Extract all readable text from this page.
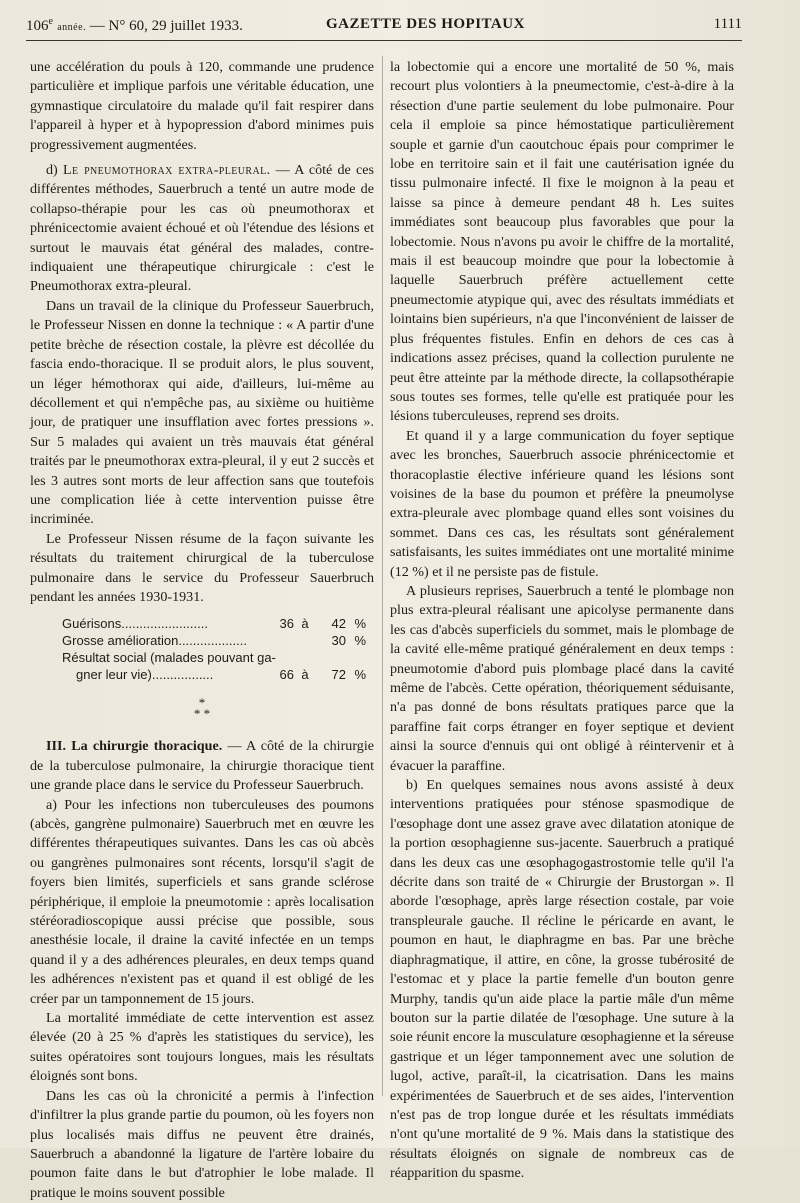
106e année. — N° 60, 29 juillet 1933.	GAZETTE DES HOPITAUX	1111

une accélération du pouls à 120, commande une prudence particulière et implique parfois une véritable éducation, une gymnastique circulatoire du malade qu'il fait respirer dans l'appareil à hyper et à hypopression d'abord minimes puis progressivement augmentées.

d) Le pneumothorax extra-pleural. — A côté de ces différentes méthodes, Sauerbruch a tenté un autre mode de collapso-thérapie pour les cas où pneumothorax et phrénicectomie avaient échoué et où l'étendue des lésions et surtout le mauvais état général des malades, contre-indiquaient une thérapeutique chirurgicale : c'est le Pneumothorax extra-pleural.

Dans un travail de la clinique du Professeur Sauerbruch, le Professeur Nissen en donne la technique : « A partir d'une petite brèche de résection costale, la plèvre est décollée du fascia endo-thoracique. Il se produit alors, le plus souvent, un léger hémothorax qui aide, d'ailleurs, lui-même au décollement et qui n'empêche pas, au sixième ou huitième jour, de pratiquer une insufflation avec fortes pressions ». Sur 5 malades qui avaient un très mauvais état général traités par le pneumothorax extra-pleural, il y eut 2 succès et les 3 autres sont morts de leur affection sans que toutefois une complication liée à cette intervention puisse être incriminée.

Le Professeur Nissen résume de la façon suivante les résultats du traitement chirurgical de la tuberculose pulmonaire dans le service du Professeur Sauerbruch pendant les années 1930-1931.

Guérisons........................	36 à	42 %
Grosse amélioration...................	30 %
Résultat social (malades pouvant ga-
gner leur vie).................	66 à	72 %
*
* *

III. La chirurgie thoracique. — A côté de la chirurgie de la tuberculose pulmonaire, la chirurgie thoracique tient une grande place dans le service du Professeur Sauerbruch.

a) Pour les infections non tuberculeuses des poumons (abcès, gangrène pulmonaire) Sauerbruch met en œuvre les différentes thérapeutiques suivantes. Dans les cas où abcès ou gangrènes pulmonaires sont récents, lorsqu'il s'agit de foyers bien limités, superficiels et sans grande sclérose périphérique, il emploie la pneumotomie : après localisation stéréoradioscopique aussi précise que possible, sous anesthésie locale, il draine la cavité infectée en un temps quand il y a des adhérences pleurales, en deux temps quand les adhérences n'existent pas et quand il est obligé de les créer par un tamponnement de 15 jours.

La mortalité immédiate de cette intervention est assez élevée (20 à 25 % d'après les statistiques du service), les suites opératoires sont toujours longues, mais les résultats éloignés sont bons.

Dans les cas où la chronicité a permis à l'infection d'infiltrer la plus grande partie du poumon, où les foyers non plus localisés mais diffus ne peuvent être drainés, Sauerbruch a abandonné la ligature de l'artère lobaire du poumon faite dans le but d'atrophier le lobe malade. Il pratique le moins souvent possible

la lobectomie qui a encore une mortalité de 50 %, mais recourt plus volontiers à la pneumectomie, c'est-à-dire à la résection d'une partie seulement du lobe pulmonaire. Pour cela il emploie sa pince hémostatique particulièrement souple et garnie d'un caoutchouc épais pour comprimer le lobe en territoire sain et il fait une cautérisation ignée du tissu pulmonaire infecté. Il fixe le moignon à la peau et laisse sa pince à demeure pendant 48 h. Les suites immédiates sont beaucoup plus favorables que pour la lobectomie. Nous n'avons pu avoir le chiffre de la mortalité, mais il est beaucoup moindre que pour la lobectomie à laquelle Sauerbruch préfère actuellement cette pneumectomie atypique qui, avec des résultats immédiats et lointains bien supérieurs, n'a que l'inconvénient de laisser de plus fréquentes fistules. Enfin en dehors de ces cas à indications assez précises, quand la collection purulente ne peut être atteinte par la méthode directe, la collapsothérapie sous toutes ses formes, telle qu'elle est pratiquée pour les lésions tuberculeuses, reprend ses droits.

Et quand il y a large communication du foyer septique avec les bronches, Sauerbruch associe phrénicectomie et thoracoplastie élective inférieure quand les lésions sont voisines de la base du poumon et préfère la pneumolyse extra-pleurale avec plombage quand elles sont voisines du sommet. Dans ces cas, les résultats sont généralement satisfaisants, les suites immédiates ont une mortalité minime (12 %) et il ne persiste pas de fistule.

A plusieurs reprises, Sauerbruch a tenté le plombage non plus extra-pleural réalisant une apicolyse permanente dans les cas d'abcès superficiels du sommet, mais le plombage de la cavité elle-même pratiqué généralement en deux temps : pneumotomie d'abord puis plombage placé dans la cavité même de l'abcès. Cette opération, théoriquement séduisante, n'a pas donné de bons résultats pratiques parce que la paraffine fait corps étranger en foyer septique et devient ainsi la source d'ennuis qui ont obligé à réintervenir et à évacuer la paraffine.

b) En quelques semaines nous avons assisté à deux interventions pratiquées pour sténose spasmodique de l'œsophage dont une assez grave avec dilatation atonique de la portion œsophagienne sus-jacente. Sauerbruch a pratiqué dans les deux cas une œsophagogastrostomie telle qu'il l'a décrite dans son traité de « Chirurgie der Brustorgan ». Il aborde l'œsophage, après large résection costale, par voie transpleurale gauche. Il récline le péricarde en avant, le poumon en haut, le diaphragme en bas. Par une brèche diaphragmatique, il attire, en cône, la grosse tubérosité de l'estomac et y place la partie femelle d'un bouton genre Murphy, tandis qu'un aide place la partie mâle d'un même bouton sur la partie dilatée de l'œsophage. Une suture à la soie réunit encore la musculature œsophagienne et la séreuse gastrique et un léger tamponnement avec une solution de lugol, active, paraît-il, la cicatrisation. Dans les mains expérimentées de Sauerbruch et de ses aides, l'intervention n'est pas de trop longue durée et les résultats immédiats n'ont qu'une mortalité de 9 %. Mais dans la statistique des résultats éloignés on signale de nombreux cas de réapparition du spasme.
